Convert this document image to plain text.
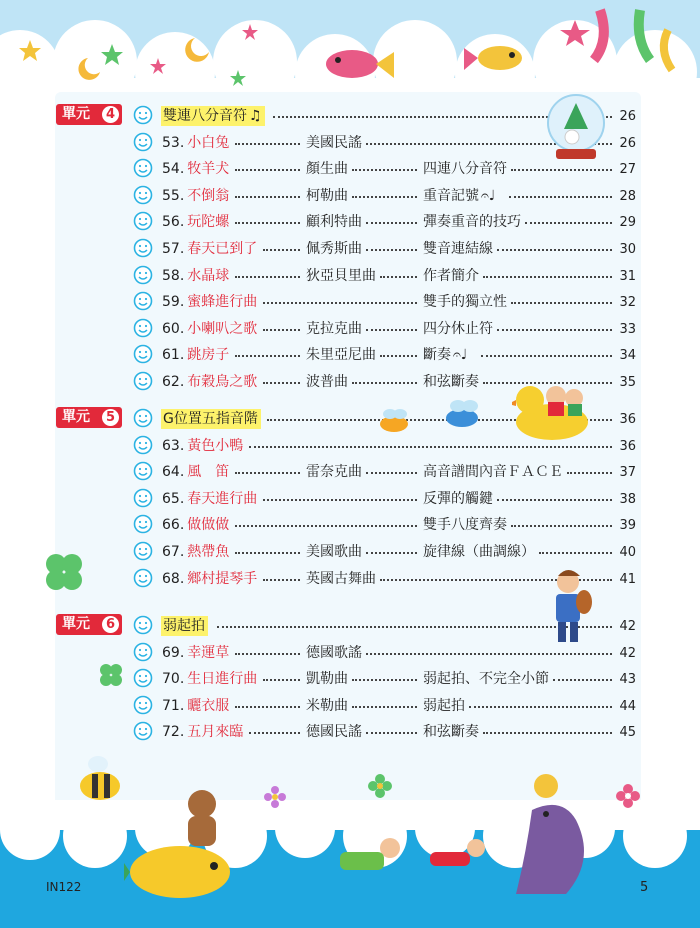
單元	4	雙連八分音符 ♫	26
53. 小白兔	美國民謠	26
54. 牧羊犬	顏生曲	四連八分音符	27
55. 不倒翁	柯勒曲	重音記號 𝄐♩	28
56. 玩陀螺	顧利特曲	彈奏重音的技巧	29
57. 春天已到了	佩秀斯曲	雙音連結線	30
58. 水晶球	狄亞貝里曲	作者簡介	31
59. 蜜蜂進行曲	雙手的獨立性	32
60. 小喇叭之歌	克拉克曲	四分休止符	33
61. 跳房子	朱里亞尼曲	斷奏 𝄐♩	34
62. 布穀鳥之歌	波普曲	和弦斷奏	35
單元	5	G位置五指音階	36
63. 黃色小鴨	36
64. 風　笛	雷奈克曲	高音譜間內音ＦＡＣＥ	37
65. 春天進行曲	反彈的觸鍵	38
66. 做做做	雙手八度齊奏	39
67. 熱帶魚	美國歌曲	旋律線（曲調線）	40
68. 鄉村提琴手	英國古舞曲	41
單元	6	弱起拍	42
69. 幸運草	德國歌謠	42
70. 生日進行曲	凱勒曲	弱起拍、不完全小節	43
71. 曬衣服	米勒曲	弱起拍	44
72. 五月來臨	德國民謠	和弦斷奏	45
IN122	5
